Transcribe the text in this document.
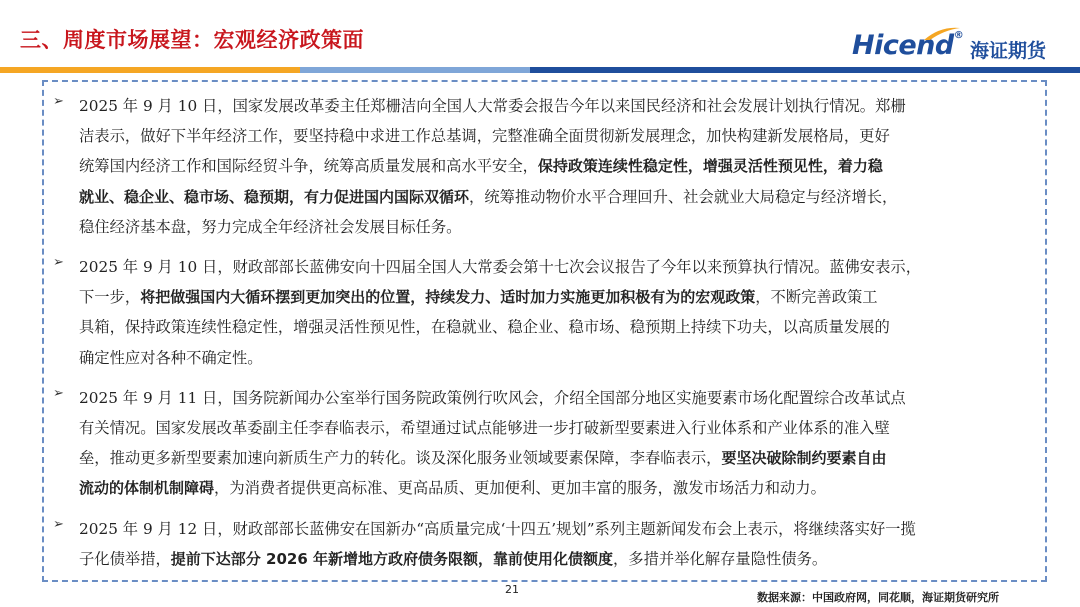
三、周度市场展望：宏观经济政策面	Hicend®
海证期货
➢ 2025 年 9 月 10 日，国家发展改革委主任郑栅洁向全国人大常委会报告今年以来国民经济和社会发展计划执行情况。郑栅
洁表示，做好下半年经济工作，要坚持稳中求进工作总基调，完整准确全面贯彻新发展理念，加快构建新发展格局，更好
统筹国内经济工作和国际经贸斗争，统筹高质量发展和高水平安全，保持政策连续性稳定性，增强灵活性预见性，着力稳
就业、稳企业、稳市场、稳预期，有力促进国内国际双循环，统筹推动物价水平合理回升、社会就业大局稳定与经济增长，
稳住经济基本盘，努力完成全年经济社会发展目标任务。
➢ 2025 年 9 月 10 日，财政部部长蓝佛安向十四届全国人大常委会第十七次会议报告了今年以来预算执行情况。蓝佛安表示，
下一步，将把做强国内大循环摆到更加突出的位置，持续发力、适时加力实施更加积极有为的宏观政策，不断完善政策工
具箱，保持政策连续性稳定性，增强灵活性预见性，在稳就业、稳企业、稳市场、稳预期上持续下功夫，以高质量发展的
确定性应对各种不确定性。
➢ 2025 年 9 月 11 日，国务院新闻办公室举行国务院政策例行吹风会，介绍全国部分地区实施要素市场化配置综合改革试点
有关情况。国家发展改革委副主任李春临表示，希望通过试点能够进一步打破新型要素进入行业体系和产业体系的准入壁
垒，推动更多新型要素加速向新质生产力的转化。谈及深化服务业领域要素保障，李春临表示，要坚决破除制约要素自由
流动的体制机制障碍，为消费者提供更高标准、更高品质、更加便利、更加丰富的服务，激发市场活力和动力。
➢ 2025 年 9 月 12 日，财政部部长蓝佛安在国新办“高质量完成‘十四五’规划”系列主题新闻发布会上表示，将继续落实好一揽
子化债举措，提前下达部分 2026 年新增地方政府债务限额，靠前使用化债额度，多措并举化解存量隐性债务。
21
数据来源：中国政府网，同花顺，海证期货研究所
